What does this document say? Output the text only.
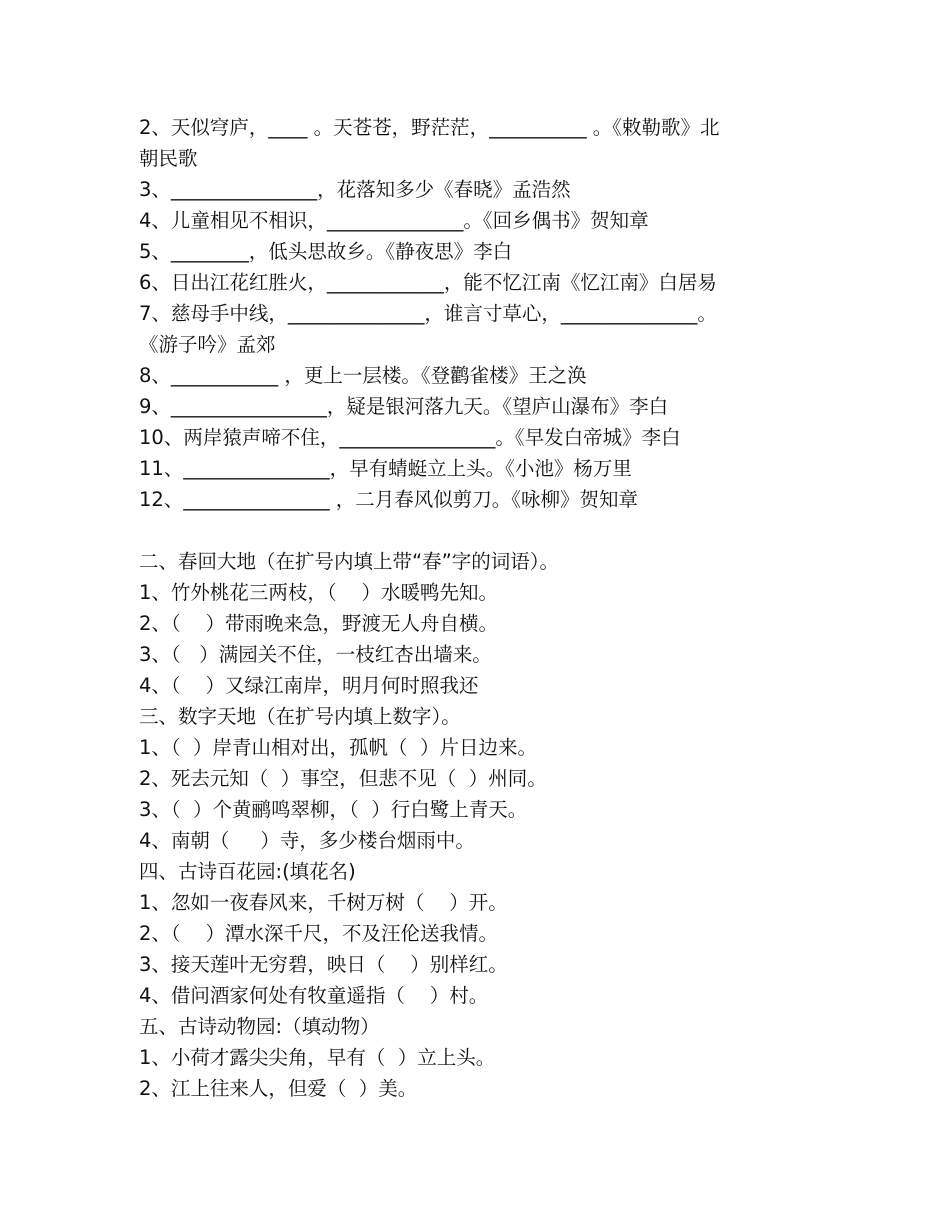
2、天似穹庐，____ 。天苍苍，野茫茫，__________ 。《敕勒歌》北
朝民歌
3、_______________，花落知多少《春晓》孟浩然
4、儿童相见不相识，______________。《回乡偶书》贺知章
5、________，低头思故乡。《静夜思》李白
6、日出江花红胜火，____________，能不忆江南《忆江南》白居易
7、慈母手中线，______________，谁言寸草心，______________。
《游子吟》孟郊
8、___________ ，更上一层楼。《登鹳雀楼》王之涣
9、________________，疑是银河落九天。《望庐山瀑布》李白
10、两岸猿声啼不住，________________。《早发白帝城》李白
11、_______________，早有蜻蜓立上头。《小池》杨万里
12、_______________ ，二月春风似剪刀。《咏柳》贺知章
二、春回大地（在扩号内填上带“春”字的词语）。
1、竹外桃花三两枝，（    ）水暖鸭先知。
2、（    ）带雨晚来急，野渡无人舟自横。
3、（   ）满园关不住，一枝红杏出墙来。
4、（    ）又绿江南岸，明月何时照我还
三、数字天地（在扩号内填上数字）。
1、（  ）岸青山相对出，孤帆（  ）片日边来。
2、死去元知（  ）事空，但悲不见（  ）州同。
3、（  ）个黄鹂鸣翠柳，（  ）行白鹭上青天。
4、南朝（     ）寺，多少楼台烟雨中。
四、古诗百花园:(填花名)
1、忽如一夜春风来，千树万树（    ）开。
2、（    ）潭水深千尺，不及汪伦送我情。
3、接天莲叶无穷碧，映日（    ）别样红。
4、借问酒家何处有牧童遥指（    ）村。
五、古诗动物园:（填动物）
1、小荷才露尖尖角，早有（  ）立上头。
2、江上往来人，但爱（  ）美。
